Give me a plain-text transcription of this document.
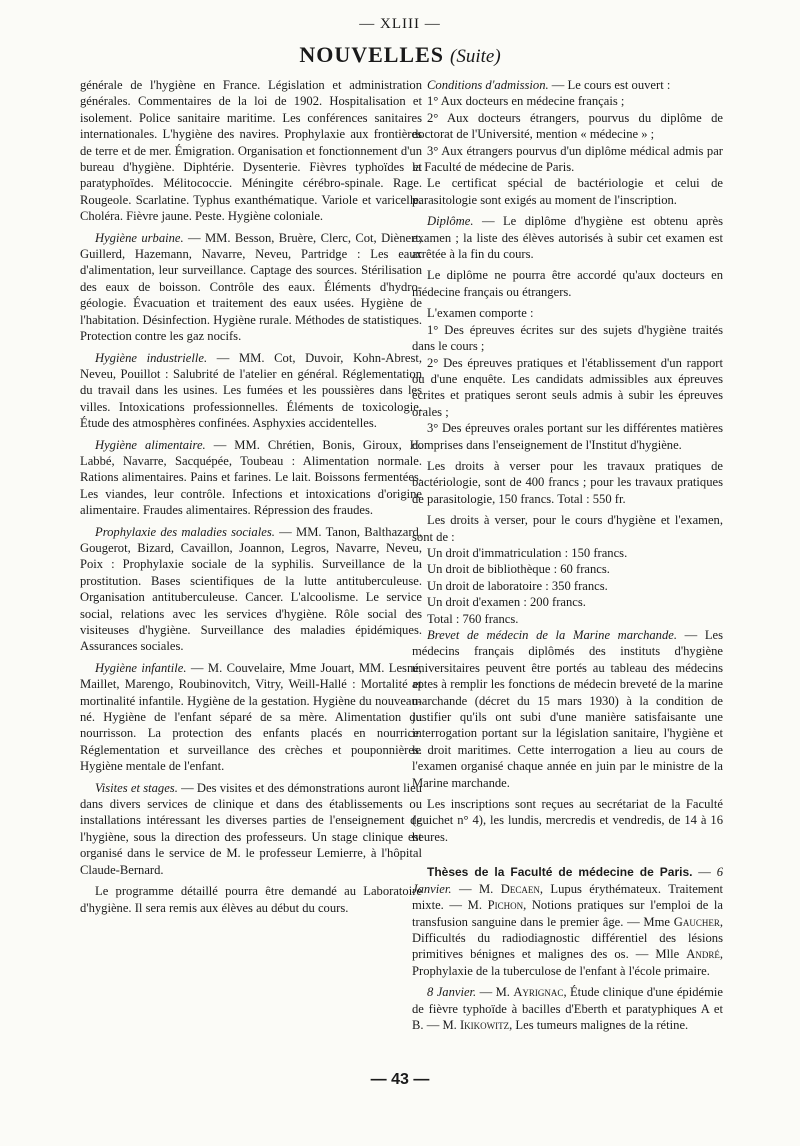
— XLIII —
NOUVELLES (Suite)

générale de l'hygiène en France. Législation et administration générales. Commentaires de la loi de 1902. Hospitalisation et isolement. Police sanitaire maritime. Les conférences sanitaires internationales. L'hygiène des navires. Prophylaxie aux frontières de terre et de mer. Émigration. Organisation et fonctionnement d'un bureau d'hygiène. Diphtérie. Dysenterie. Fièvres typhoïdes et paratyphoïdes. Mélitococcie. Méningite cérébro-spinale. Rage. Rougeole. Scarlatine. Typhus exanthématique. Variole et varicelle. Choléra. Fièvre jaune. Peste. Hygiène coloniale.

Hygiène urbaine. — MM. Besson, Bruère, Clerc, Cot, Diènert, Guillerd, Hazemann, Navarre, Neveu, Partridge : Les eaux d'alimentation, leur surveillance. Captage des sources. Stérilisation des eaux de boisson. Contrôle des eaux. Éléments d'hydro-géologie. Évacuation et traitement des eaux usées. Hygiène de l'habitation. Désinfection. Hygiène rurale. Méthodes de statistiques. Protection contre les gaz nocifs.

Hygiène industrielle. — MM. Cot, Duvoir, Kohn-Abrest, Neveu, Pouillot : Salubrité de l'atelier en général. Réglementation du travail dans les usines. Les fumées et les poussières dans les villes. Intoxications professionnelles. Éléments de toxicologie. Étude des atmosphères confinées. Asphyxies accidentelles.

Hygiène alimentaire. — MM. Chrétien, Bonis, Giroux, H. Labbé, Navarre, Sacquépée, Toubeau : Alimentation normale. Rations alimentaires. Pains et farines. Le lait. Boissons fermentées. Les viandes, leur contrôle. Infections et intoxications d'origine alimentaire. Fraudes alimentaires. Répression des fraudes.

Prophylaxie des maladies sociales. — MM. Tanon, Balthazard, Gougerot, Bizard, Cavaillon, Joannon, Legros, Navarre, Neveu, Poix : Prophylaxie sociale de la syphilis. Surveillance de la prostitution. Bases scientifiques de la lutte antituberculeuse. Organisation antituberculeuse. Cancer. L'alcoolisme. Le service social, relations avec les services d'hygiène. Rôle social des visiteuses d'hygiène. Surveillance des maladies épidémiques. Assurances sociales.

Hygiène infantile. — M. Couvelaire, Mme Jouart, MM. Lesné, Maillet, Marengo, Roubinovitch, Vitry, Weill-Hallé : Mortalité et mortinalité infantile. Hygiène de la gestation. Hygiène du nouveau-né. Hygiène de l'enfant séparé de sa mère. Alimentation du nourrisson. La protection des enfants placés en nourrice. Réglementation et surveillance des crèches et pouponnières. Hygiène mentale de l'enfant.

Visites et stages. — Des visites et des démonstrations auront lieu dans divers services de clinique et dans des établissements ou installations intéressant les diverses parties de l'enseignement de l'hygiène, sous la direction des professeurs. Un stage clinique est organisé dans le service de M. le professeur Lemierre, à l'hôpital Claude-Bernard.

Le programme détaillé pourra être demandé au Laboratoire d'hygiène. Il sera remis aux élèves au début du cours.

Conditions d'admission. — Le cours est ouvert :

1° Aux docteurs en médecine français ;

2° Aux docteurs étrangers, pourvus du diplôme de doctorat de l'Université, mention « médecine » ;

3° Aux étrangers pourvus d'un diplôme médical admis par la Faculté de médecine de Paris.

Le certificat spécial de bactériologie et celui de parasitologie sont exigés au moment de l'inscription.

Diplôme. — Le diplôme d'hygiène est obtenu après examen ; la liste des élèves autorisés à subir cet examen est arrêtée à la fin du cours.

Le diplôme ne pourra être accordé qu'aux docteurs en médecine français ou étrangers.

L'examen comporte :

1° Des épreuves écrites sur des sujets d'hygiène traités dans le cours ;

2° Des épreuves pratiques et l'établissement d'un rapport ou d'une enquête. Les candidats admissibles aux épreuves écrites et pratiques seront seuls admis à subir les épreuves orales ;

3° Des épreuves orales portant sur les différentes matières comprises dans l'enseignement de l'Institut d'hygiène.

Les droits à verser pour les travaux pratiques de bactériologie, sont de 400 francs ; pour les travaux pratiques de parasitologie, 150 francs. Total : 550 fr.

Les droits à verser, pour le cours d'hygiène et l'examen, sont de :

Un droit d'immatriculation : 150 francs.

Un droit de bibliothèque : 60 francs.

Un droit de laboratoire : 350 francs.

Un droit d'examen : 200 francs.

Total : 760 francs.

Brevet de médecin de la Marine marchande. — Les médecins français diplômés des instituts d'hygiène universitaires peuvent être portés au tableau des médecins aptes à remplir les fonctions de médecin breveté de la marine marchande (décret du 15 mars 1930) à la condition de justifier qu'ils ont subi d'une manière satisfaisante une interrogation portant sur la législation sanitaire, l'hygiène et le droit maritimes. Cette interrogation a lieu au cours de l'examen organisé chaque année en juin par le ministre de la Marine marchande.

Les inscriptions sont reçues au secrétariat de la Faculté (guichet n° 4), les lundis, mercredis et vendredis, de 14 à 16 heures.

Thèses de la Faculté de médecine de Paris. — 6 Janvier. — M. Decaen, Lupus érythémateux. Traitement mixte. — M. Pichon, Notions pratiques sur l'emploi de la transfusion sanguine dans le premier âge. — Mme Gaucher, Difficultés du radiodiagnostic différentiel des lésions primitives bénignes et malignes des os. — Mlle André, Prophylaxie de la tuberculose de l'enfant à l'école primaire.

8 Janvier. — M. Ayrignac, Étude clinique d'une épidémie de fièvre typhoïde à bacilles d'Eberth et paratyphiques A et B. — M. Ikikowitz, Les tumeurs malignes de la rétine.

— 43 —
